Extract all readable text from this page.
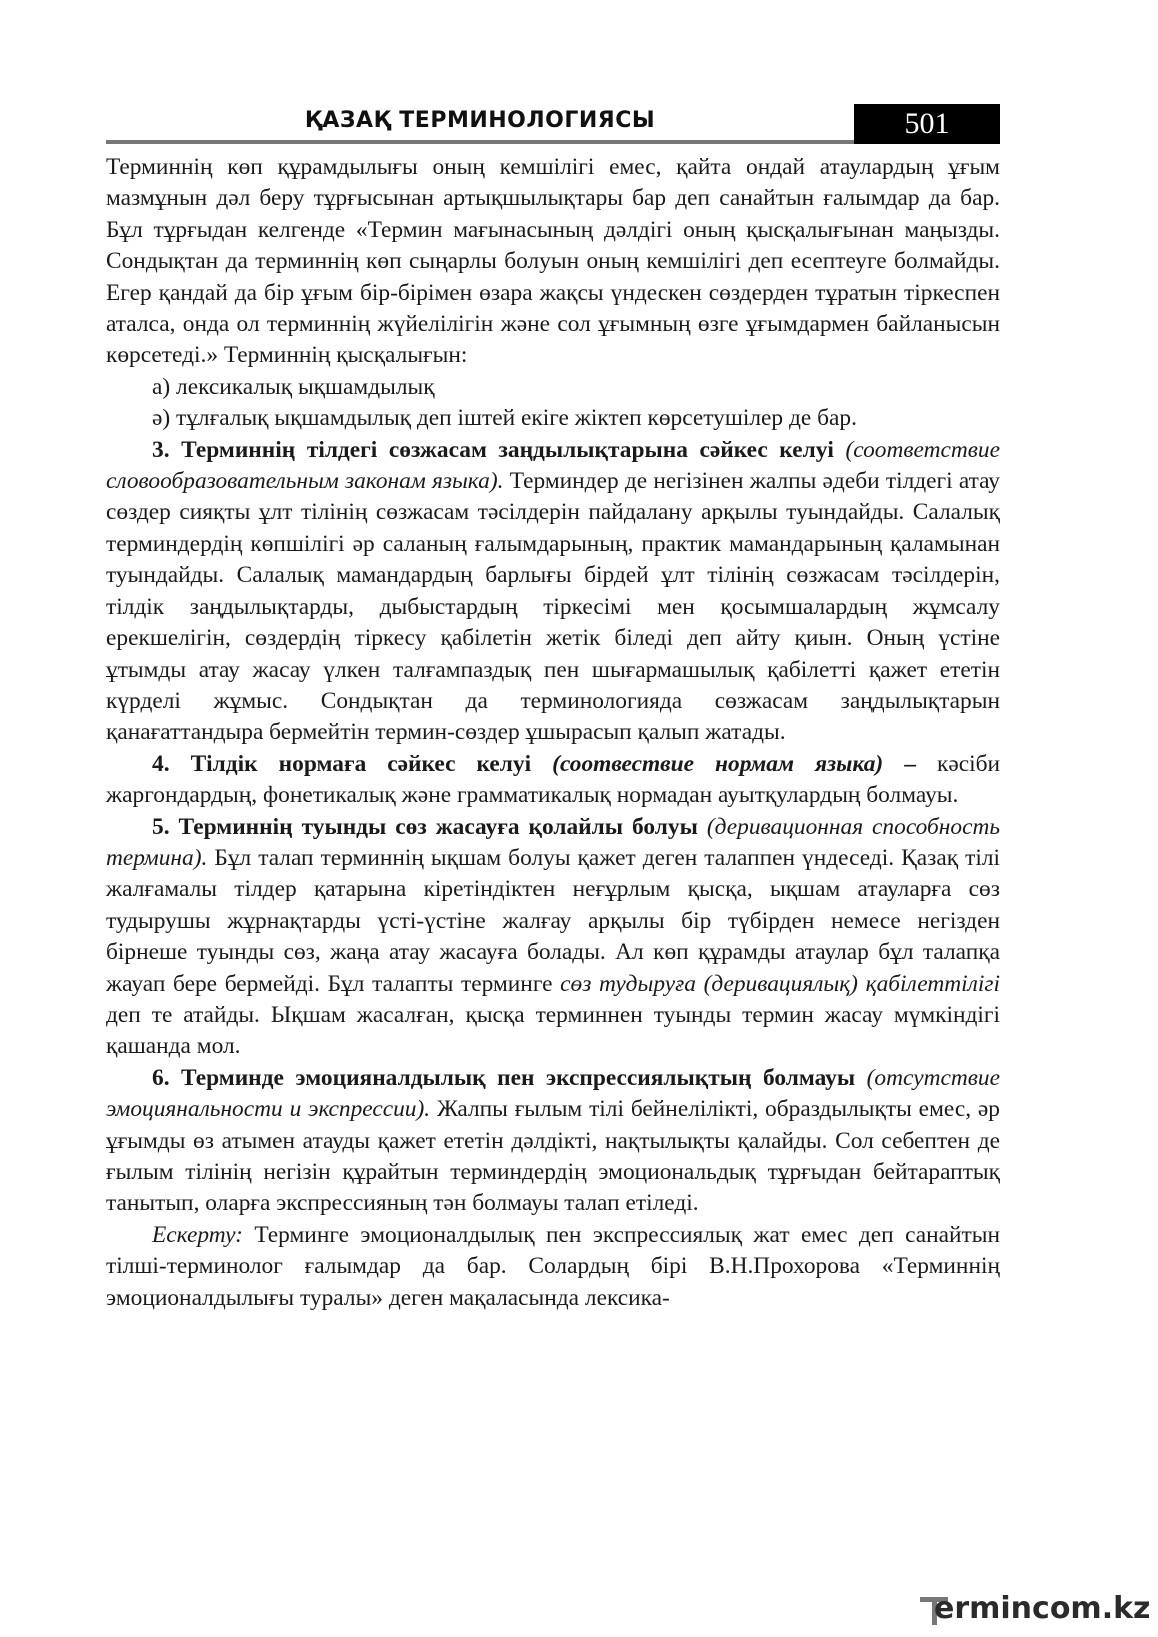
ҚАЗАҚ ТЕРМИНОЛОГИЯСЫ	501

Терминнің көп құрамдылығы оның кемшілігі емес, қайта ондай атаулардың ұғым мазмұнын дәл беру тұрғысынан артықшылықтары бар деп санайтын ғалымдар да бар. Бұл тұрғыдан келгенде «Термин мағынасының дәлдігі оның қысқалығынан маңызды. Сондықтан да терминнің көп сыңарлы болуын оның кемшілігі деп есептеуге болмайды. Егер қандай да бір ұғым бір-бірімен өзара жақсы үндескен сөздерден тұратын тіркеспен аталса, онда ол терминнің жүйелілігін және сол ұғымның өзге ұғымдармен байланысын көрсетеді.» Терминнің қысқалығын:

а) лексикалық ықшамдылық

ә) тұлғалық ықшамдылық деп іштей екіге жіктеп көрсетушілер де бар.

3. Терминнің тілдегі сөзжасам заңдылықтарына сәйкес келуі (соответствие словообразовательным законам языка). Терминдер де негізінен жалпы әдеби тілдегі атау сөздер сияқты ұлт тілінің сөзжасам тәсілдерін пайдалану арқылы туындайды. Салалық терминдердің көпшілігі әр саланың ғалымдарының, практик мамандарының қаламынан туындайды. Салалық мамандардың барлығы бірдей ұлт тілінің сөзжасам тәсілдерін, тілдік заңдылықтарды, дыбыстардың тіркесімі мен қосымшалардың жұмсалу ерекшелігін, сөздердің тіркесу қабілетін жетік біледі деп айту қиын. Оның үстіне ұтымды атау жасау үлкен талғампаздық пен шығармашылық қабілетті қажет ететін күрделі жұмыс. Сондықтан да терминологияда сөзжасам заңдылықтарын қанағаттандыра бермейтін термин-сөздер ұшырасып қалып жатады.

4. Тілдік нормаға сәйкес келуі (соотвествие нормам языка) – кәсіби жаргондардың, фонетикалық және грамматикалық нормадан ауытқулардың болмауы.

5. Терминнің туынды сөз жасауға қолайлы болуы (деривационная способность термина). Бұл талап терминнің ықшам болуы қажет деген талаппен үндеседі. Қазақ тілі жалғамалы тілдер қатарына кіретіндіктен неғұрлым қысқа, ықшам атауларға сөз тудырушы жұрнақтарды үсті-үстіне жалғау арқылы бір түбірден немесе негізден бірнеше туынды сөз, жаңа атау жасауға болады. Ал көп құрамды атаулар бұл талапқа жауап бере бермейді. Бұл талапты терминге сөз тудыруға (деривациялық) қабілеттілігі деп те атайды. Ықшам жасалған, қысқа терминнен туынды термин жасау мүмкіндігі қашанда мол.

6. Терминде эмоцияналдылық пен экспрессиялықтың болмауы (отсутствие эмоциянальности и экспрессии). Жалпы ғылым тілі бейнелілікті, образдылықты емес, әр ұғымды өз атымен атауды қажет ететін дәлдікті, нақтылықты қалайды. Сол себептен де ғылым тілінің негізін құрайтын терминдердің эмоциональдық тұрғыдан бейтараптық танытып, оларға экспрессияның тән болмауы талап етіледі.

Ескерту: Терминге эмоционалдылық пен экспрессиялық жат емес деп санайтын тілші-терминолог ғалымдар да бар. Солардың бірі В.Н.Прохорова «Терминнің эмоционалдылығы туралы» деген мақаласында лексика-

ermincom.kz
